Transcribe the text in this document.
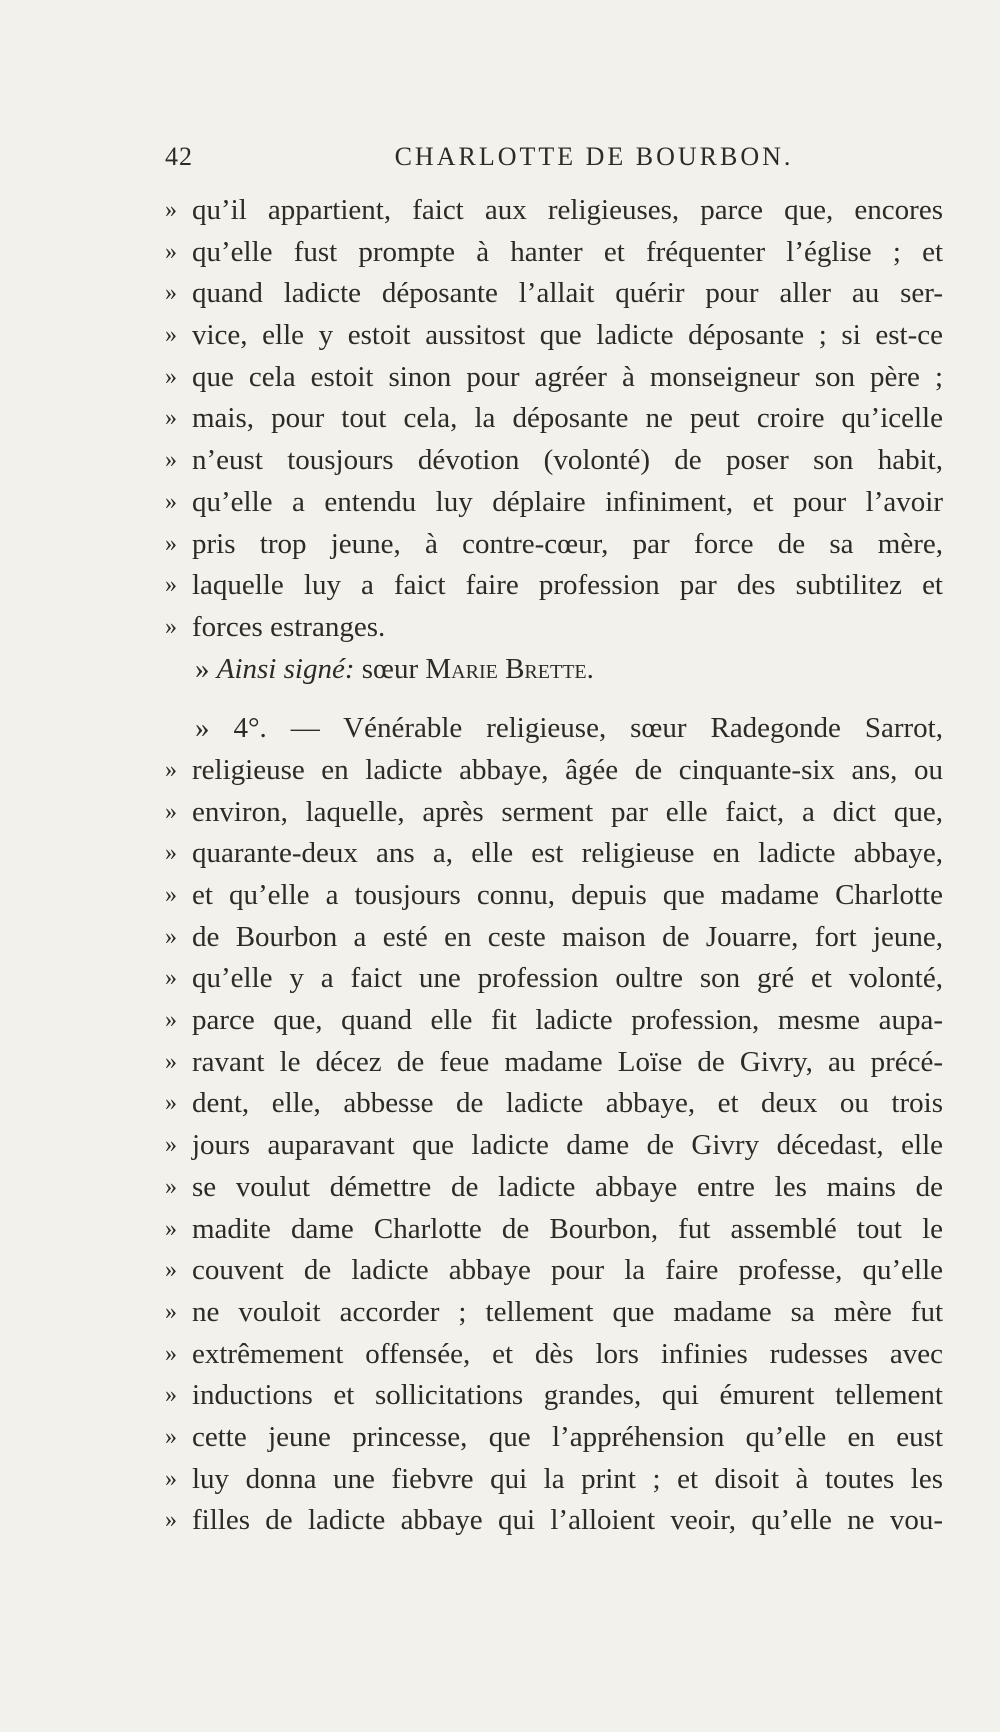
42	CHARLOTTE DE BOURBON.
» qu’il appartient, faict aux religieuses, parce que, encores
» qu’elle fust prompte à hanter et fréquenter l’église ; et
» quand ladicte déposante l’allait quérir pour aller au ser-
» vice, elle y estoit aussitost que ladicte déposante ; si est-ce
» que cela estoit sinon pour agréer à monseigneur son père ;
» mais, pour tout cela, la déposante ne peut croire qu’icelle
» n’eust tousjours dévotion (volonté) de poser son habit,
» qu’elle a entendu luy déplaire infiniment, et pour l’avoir
» pris trop jeune, à contre-cœur, par force de sa mère,
» laquelle luy a faict faire profession par des subtilitez et
» forces estranges.
» Ainsi signé: sœur Marie Brette.
» 4°. — Vénérable religieuse, sœur Radegonde Sarrot,
» religieuse en ladicte abbaye, âgée de cinquante-six ans, ou
» environ, laquelle, après serment par elle faict, a dict que,
» quarante-deux ans a, elle est religieuse en ladicte abbaye,
» et qu’elle a tousjours connu, depuis que madame Charlotte
» de Bourbon a esté en ceste maison de Jouarre, fort jeune,
» qu’elle y a faict une profession oultre son gré et volonté,
» parce que, quand elle fit ladicte profession, mesme aupa-
» ravant le décez de feue madame Loïse de Givry, au précé-
» dent, elle, abbesse de ladicte abbaye, et deux ou trois
» jours auparavant que ladicte dame de Givry décedast, elle
» se voulut démettre de ladicte abbaye entre les mains de
» madite dame Charlotte de Bourbon, fut assemblé tout le
» couvent de ladicte abbaye pour la faire professe, qu’elle
» ne vouloit accorder ; tellement que madame sa mère fut
» extrêmement offensée, et dès lors infinies rudesses avec
» inductions et sollicitations grandes, qui émurent tellement
» cette jeune princesse, que l’appréhension qu’elle en eust
» luy donna une fiebvre qui la print ; et disoit à toutes les
» filles de ladicte abbaye qui l’alloient veoir, qu’elle ne vou-
